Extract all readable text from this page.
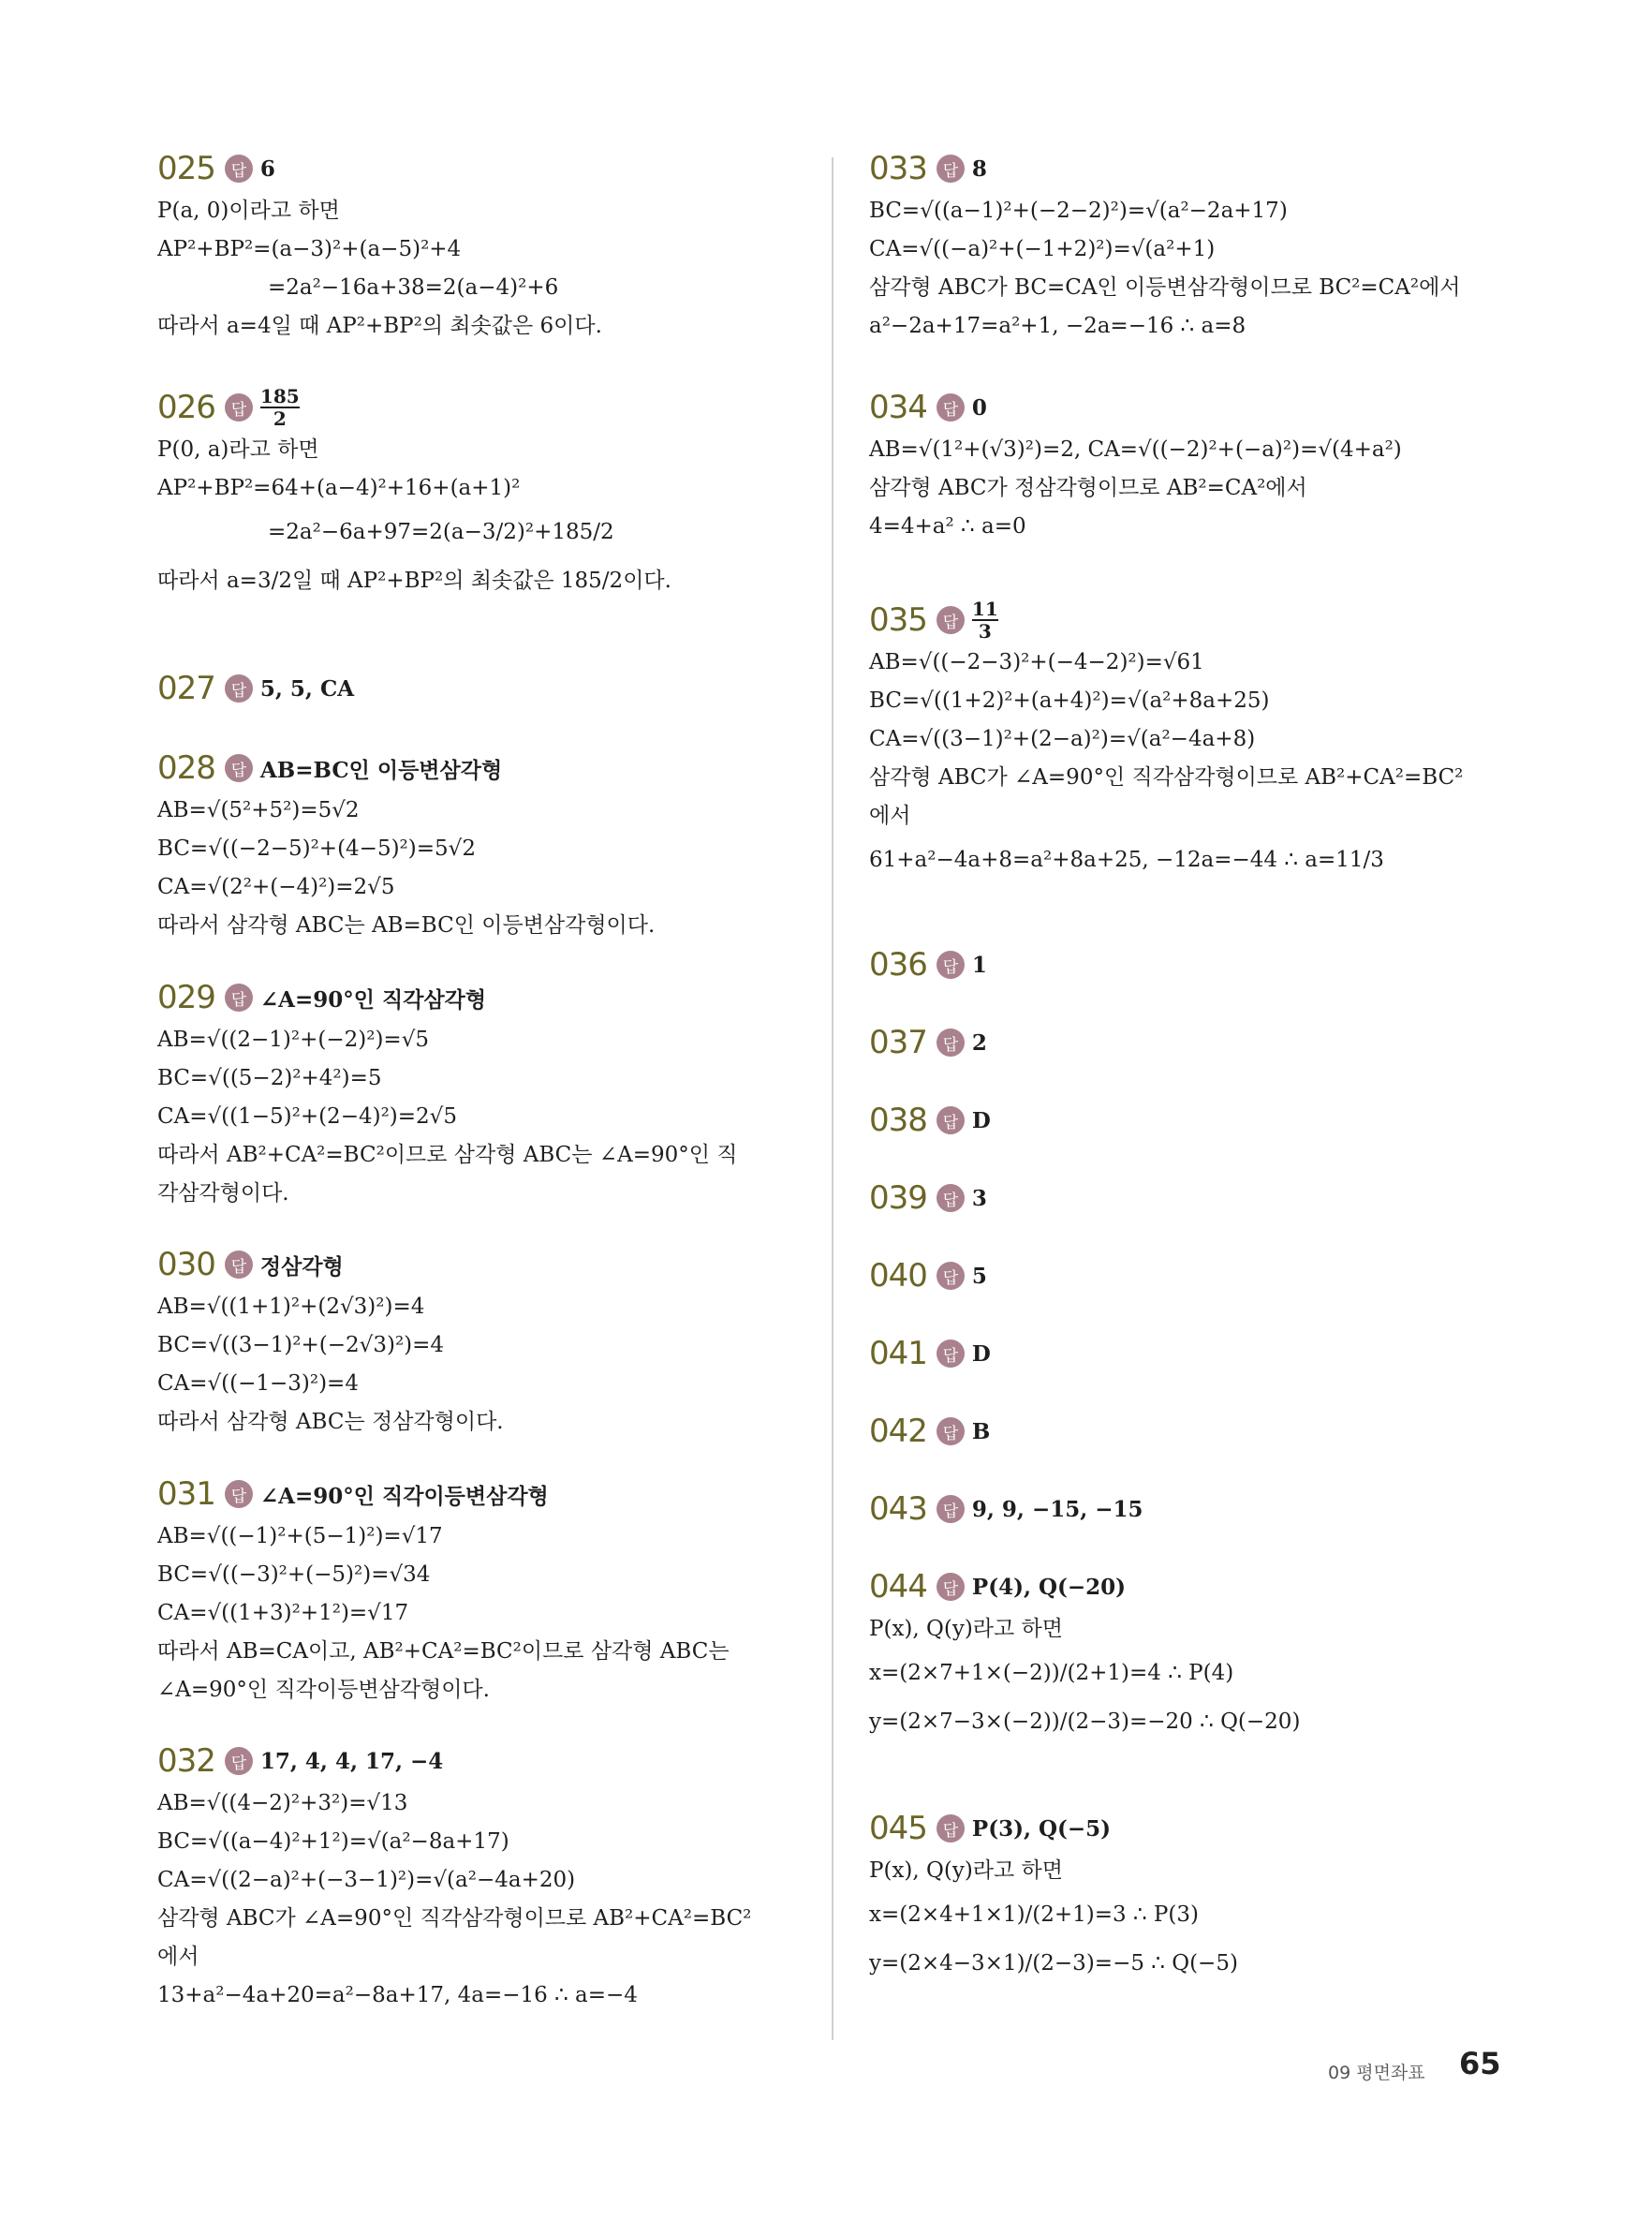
025 답 6
P(a, 0)이라고 하면
AP²+BP²=(a−3)²+(a−5)²+4
=2a²−16a+38=2(a−4)²+6
따라서 a=4일 때 AP²+BP²의 최솟값은 6이다.
026 답 $\frac{185}{2}$
P(0, a)라고 하면
AP²+BP²=64+(a−4)²+16+(a+1)²
=2a²−6a+97=2(a−3/2)²+185/2
따라서 a=3/2일 때 AP²+BP²의 최솟값은 185/2이다.
027 답 5, 5, CA
028 답 AB=BC인 이등변삼각형
AB=√(5²+5²)=5√2
BC=√((−2−5)²+(4−5)²)=5√2
CA=√(2²+(−4)²)=2√5
따라서 삼각형 ABC는 AB=BC인 이등변삼각형이다.
029 답 ∠A=90°인 직각삼각형
AB=√((2−1)²+(−2)²)=√5
BC=√((5−2)²+4²)=5
CA=√((1−5)²+(2−4)²)=2√5
따라서 AB²+CA²=BC²이므로 삼각형 ABC는 ∠A=90°인 직
각삼각형이다.
030 답 정삼각형
AB=√((1+1)²+(2√3)²)=4
BC=√((3−1)²+(−2√3)²)=4
CA=√((−1−3)²)=4
따라서 삼각형 ABC는 정삼각형이다.
031 답 ∠A=90°인 직각이등변삼각형
AB=√((−1)²+(5−1)²)=√17
BC=√((−3)²+(−5)²)=√34
CA=√((1+3)²+1²)=√17
따라서 AB=CA이고, AB²+CA²=BC²이므로 삼각형 ABC는
∠A=90°인 직각이등변삼각형이다.
032 답 17, 4, 4, 17, −4
AB=√((4−2)²+3²)=√13
BC=√((a−4)²+1²)=√(a²−8a+17)
CA=√((2−a)²+(−3−1)²)=√(a²−4a+20)
삼각형 ABC가 ∠A=90°인 직각삼각형이므로 AB²+CA²=BC²
에서
13+a²−4a+20=a²−8a+17, 4a=−16 ∴ a=−4
033 답 8
BC=√((a−1)²+(−2−2)²)=√(a²−2a+17)
CA=√((−a)²+(−1+2)²)=√(a²+1)
삼각형 ABC가 BC=CA인 이등변삼각형이므로 BC²=CA²에서
a²−2a+17=a²+1, −2a=−16 ∴ a=8
034 답 0
AB=√(1²+(√3)²)=2, CA=√((−2)²+(−a)²)=√(4+a²)
삼각형 ABC가 정삼각형이므로 AB²=CA²에서
4=4+a² ∴ a=0
035 답 $\frac{11}{3}$
AB=√((−2−3)²+(−4−2)²)=√61
BC=√((1+2)²+(a+4)²)=√(a²+8a+25)
CA=√((3−1)²+(2−a)²)=√(a²−4a+8)
삼각형 ABC가 ∠A=90°인 직각삼각형이므로 AB²+CA²=BC²
에서
61+a²−4a+8=a²+8a+25, −12a=−44 ∴ a=11/3
036 답 1
037 답 2
038 답 D
039 답 3
040 답 5
041 답 D
042 답 B
043 답 9, 9, −15, −15
044 답 P(4), Q(−20)
P(x), Q(y)라고 하면
x=(2×7+1×(−2))/(2+1)=4 ∴ P(4)
y=(2×7−3×(−2))/(2−3)=−20 ∴ Q(−20)
045 답 P(3), Q(−5)
P(x), Q(y)라고 하면
x=(2×4+1×1)/(2+1)=3 ∴ P(3)
y=(2×4−3×1)/(2−3)=−5 ∴ Q(−5)
09 평면좌표 65
